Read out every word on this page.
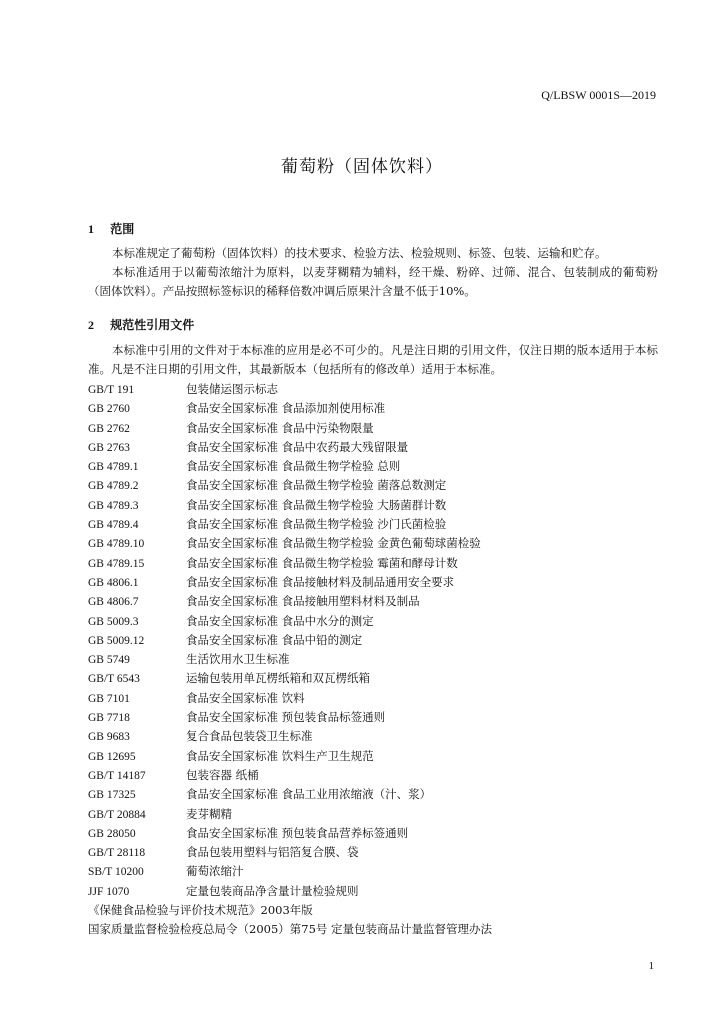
Q/LBSW 0001S—2019
葡萄粉（固体饮料）
1 范围
本标准规定了葡萄粉（固体饮料）的技术要求、检验方法、检验规则、标签、包装、运输和贮存。
本标准适用于以葡萄浓缩汁为原料，以麦芽糊精为辅料，经干燥、粉碎、过筛、混合、包装制成的葡萄粉（固体饮料）。产品按照标签标识的稀释倍数冲调后原果汁含量不低于10%。
2 规范性引用文件
本标准中引用的文件对于本标准的应用是必不可少的。凡是注日期的引用文件，仅注日期的版本适用于本标准。凡是不注日期的引用文件，其最新版本（包括所有的修改单）适用于本标准。
GB/T 191	包装储运图示标志
GB 2760	食品安全国家标准 食品添加剂使用标准
GB 2762	食品安全国家标准 食品中污染物限量
GB 2763	食品安全国家标准 食品中农药最大残留限量
GB 4789.1	食品安全国家标准 食品微生物学检验 总则
GB 4789.2	食品安全国家标准 食品微生物学检验 菌落总数测定
GB 4789.3	食品安全国家标准 食品微生物学检验 大肠菌群计数
GB 4789.4	食品安全国家标准 食品微生物学检验 沙门氏菌检验
GB 4789.10	食品安全国家标准 食品微生物学检验 金黄色葡萄球菌检验
GB 4789.15	食品安全国家标准 食品微生物学检验 霉菌和酵母计数
GB 4806.1	食品安全国家标准 食品接触材料及制品通用安全要求
GB 4806.7	食品安全国家标准 食品接触用塑料材料及制品
GB 5009.3	食品安全国家标准 食品中水分的测定
GB 5009.12	食品安全国家标准 食品中铅的测定
GB 5749	生活饮用水卫生标准
GB/T 6543	运输包装用单瓦楞纸箱和双瓦楞纸箱
GB 7101	食品安全国家标准 饮料
GB 7718	食品安全国家标准 预包装食品标签通则
GB 9683	复合食品包装袋卫生标准
GB 12695	食品安全国家标准 饮料生产卫生规范
GB/T 14187	包装容器 纸桶
GB 17325	食品安全国家标准 食品工业用浓缩液（汁、浆）
GB/T 20884	麦芽糊精
GB 28050	食品安全国家标准 预包装食品营养标签通则
GB/T 28118	食品包装用塑料与铝箔复合膜、袋
SB/T 10200	葡萄浓缩汁
JJF 1070	定量包装商品净含量计量检验规则
《保健食品检验与评价技术规范》2003年版
国家质量监督检验检疫总局令（2005）第75号 定量包装商品计量监督管理办法
1
